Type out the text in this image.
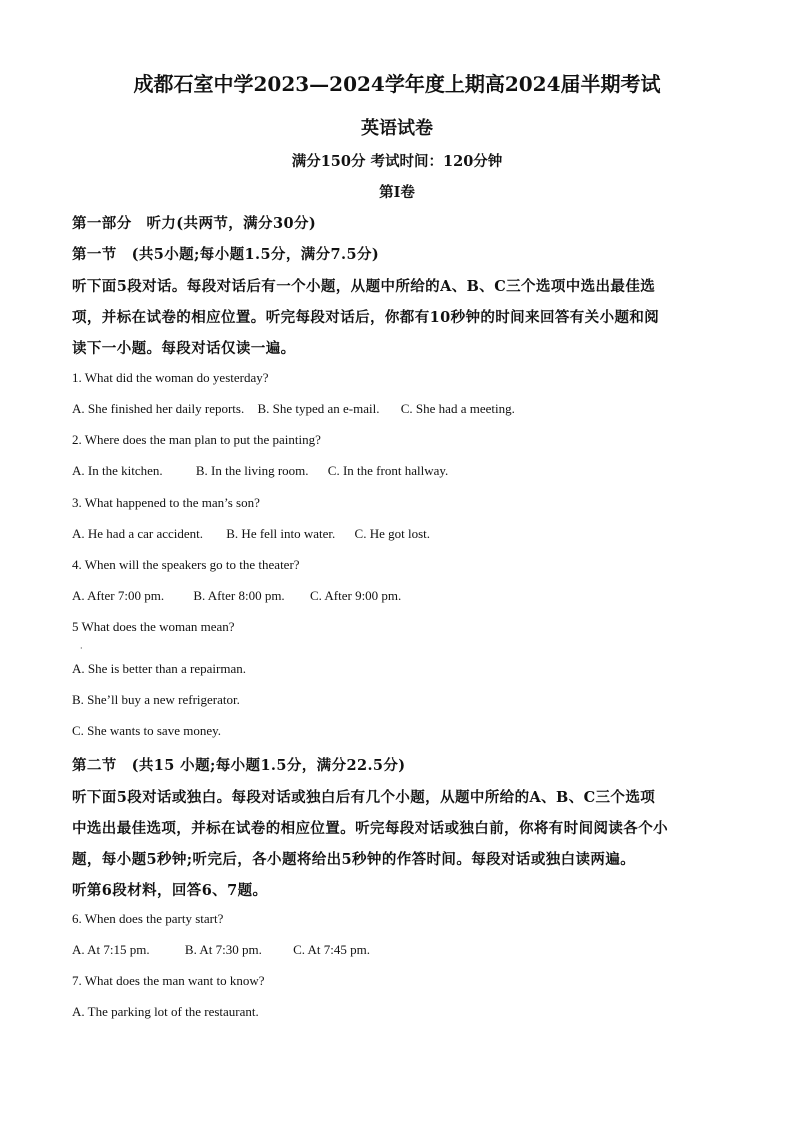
成都石室中学2023—2024学年度上期高2024届半期考试
英语试卷
满分150分 考试时间：120分钟
第I卷
第一部分　听力(共两节，满分30分)
第一节　(共5小题;每小题1.5分，满分7.5分)
听下面5段对话。每段对话后有一个小题，从题中所给的A、B、C三个选项中选出最佳选
项，并标在试卷的相应位置。听完每段对话后，你都有10秒钟的时间来回答有关小题和阅
读下一小题。每段对话仅读一遍。
1. What did the woman do yesterday?
A. She finished her daily reports. B. She typed an e-mail. C. She had a meeting.
2. Where does the man plan to put the painting?
A. In the kitchen.	B. In the living room. C. In the front hallway.
3. What happened to the man’s son?
A. He had a car accident. B. He fell into water. C. He got lost.
4. When will the speakers go to the theater?
A. After 7:00 pm. B. After 8:00 pm. C. After 9:00 pm.
5 What does the woman mean?
·
A. She is better than a repairman.
B. She’ll buy a new refrigerator.
C. She wants to save money.
第二节　(共15 小题;每小题1.5分，满分22.5分)
听下面5段对话或独白。每段对话或独白后有几个小题，从题中所给的A、B、C三个选项
中选出最佳选项，并标在试卷的相应位置。听完每段对话或独白前，你将有时间阅读各个小
题，每小题5秒钟;听完后，各小题将给出5秒钟的作答时间。每段对话或独白读两遍。
听第6段材料，回答6、7题。
6. When does the party start?
A. At 7:15 pm.	B. At 7:30 pm. C. At 7:45 pm.
7. What does the man want to know?
A. The parking lot of the restaurant.
